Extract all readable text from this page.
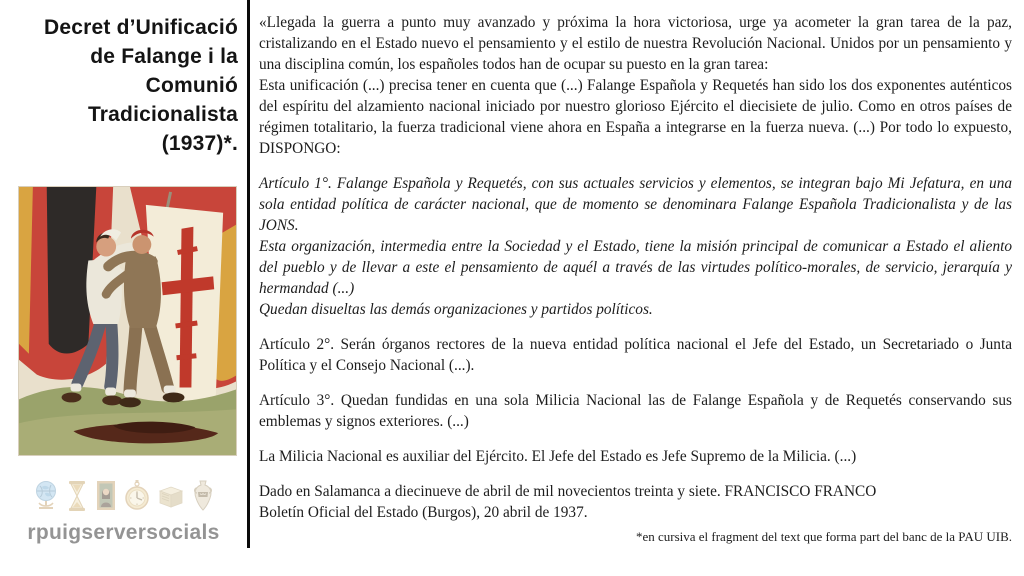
Decret d’Unificació
de Falange i la
Comunió
Tradicionalista
(1937)*.
rpuigserversocials

«Llegada la guerra a punto muy avanzado y próxima la hora victoriosa, urge ya acometer la gran tarea de la paz, cristalizando en el Estado nuevo el pensamiento y el estilo de nuestra Revolución Nacional. Unidos por un pensamiento y una disciplina común, los españoles todos han de ocupar su puesto en la gran tarea:

Esta unificación (...) precisa tener en cuenta que (...) Falange Española y Requetés han sido los dos exponentes auténticos del espíritu del alzamiento nacional iniciado por nuestro glorioso Ejército el diecisiete de julio. Como en otros países de régimen totalitario, la fuerza tradicional viene ahora en España a integrarse en la fuerza nueva. (...) Por todo lo expuesto, DISPONGO:

Artículo 1°. Falange Española y Requetés, con sus actuales servicios y elementos, se integran bajo Mi Jefatura, en una sola entidad política de carácter nacional, que de momento se denominara Falange Española Tradicionalista y de las JONS.

Esta organización, intermedia entre la Sociedad y el Estado, tiene la misión principal de comunicar a Estado el aliento del pueblo y de llevar a este el pensamiento de aquél a través de las virtudes político-morales, de servicio, jerarquía y hermandad (...)

Quedan disueltas las demás organizaciones y partidos políticos.

Artículo 2°. Serán órganos rectores de la nueva entidad política nacional el Jefe del Estado, un Secretariado o Junta Política y el Consejo Nacional (...).

Artículo 3°. Quedan fundidas en una sola Milicia Nacional las de Falange Española y de Requetés conservando sus emblemas y signos exteriores. (...)

La Milicia Nacional es auxiliar del Ejército. El Jefe del Estado es Jefe Supremo de la Milicia. (...)

Dado en Salamanca a diecinueve de abril de mil novecientos treinta y siete. FRANCISCO FRANCO

Boletín Oficial del Estado (Burgos), 20 abril de 1937.

*en cursiva el fragment del text que forma part del banc de la PAU UIB.
